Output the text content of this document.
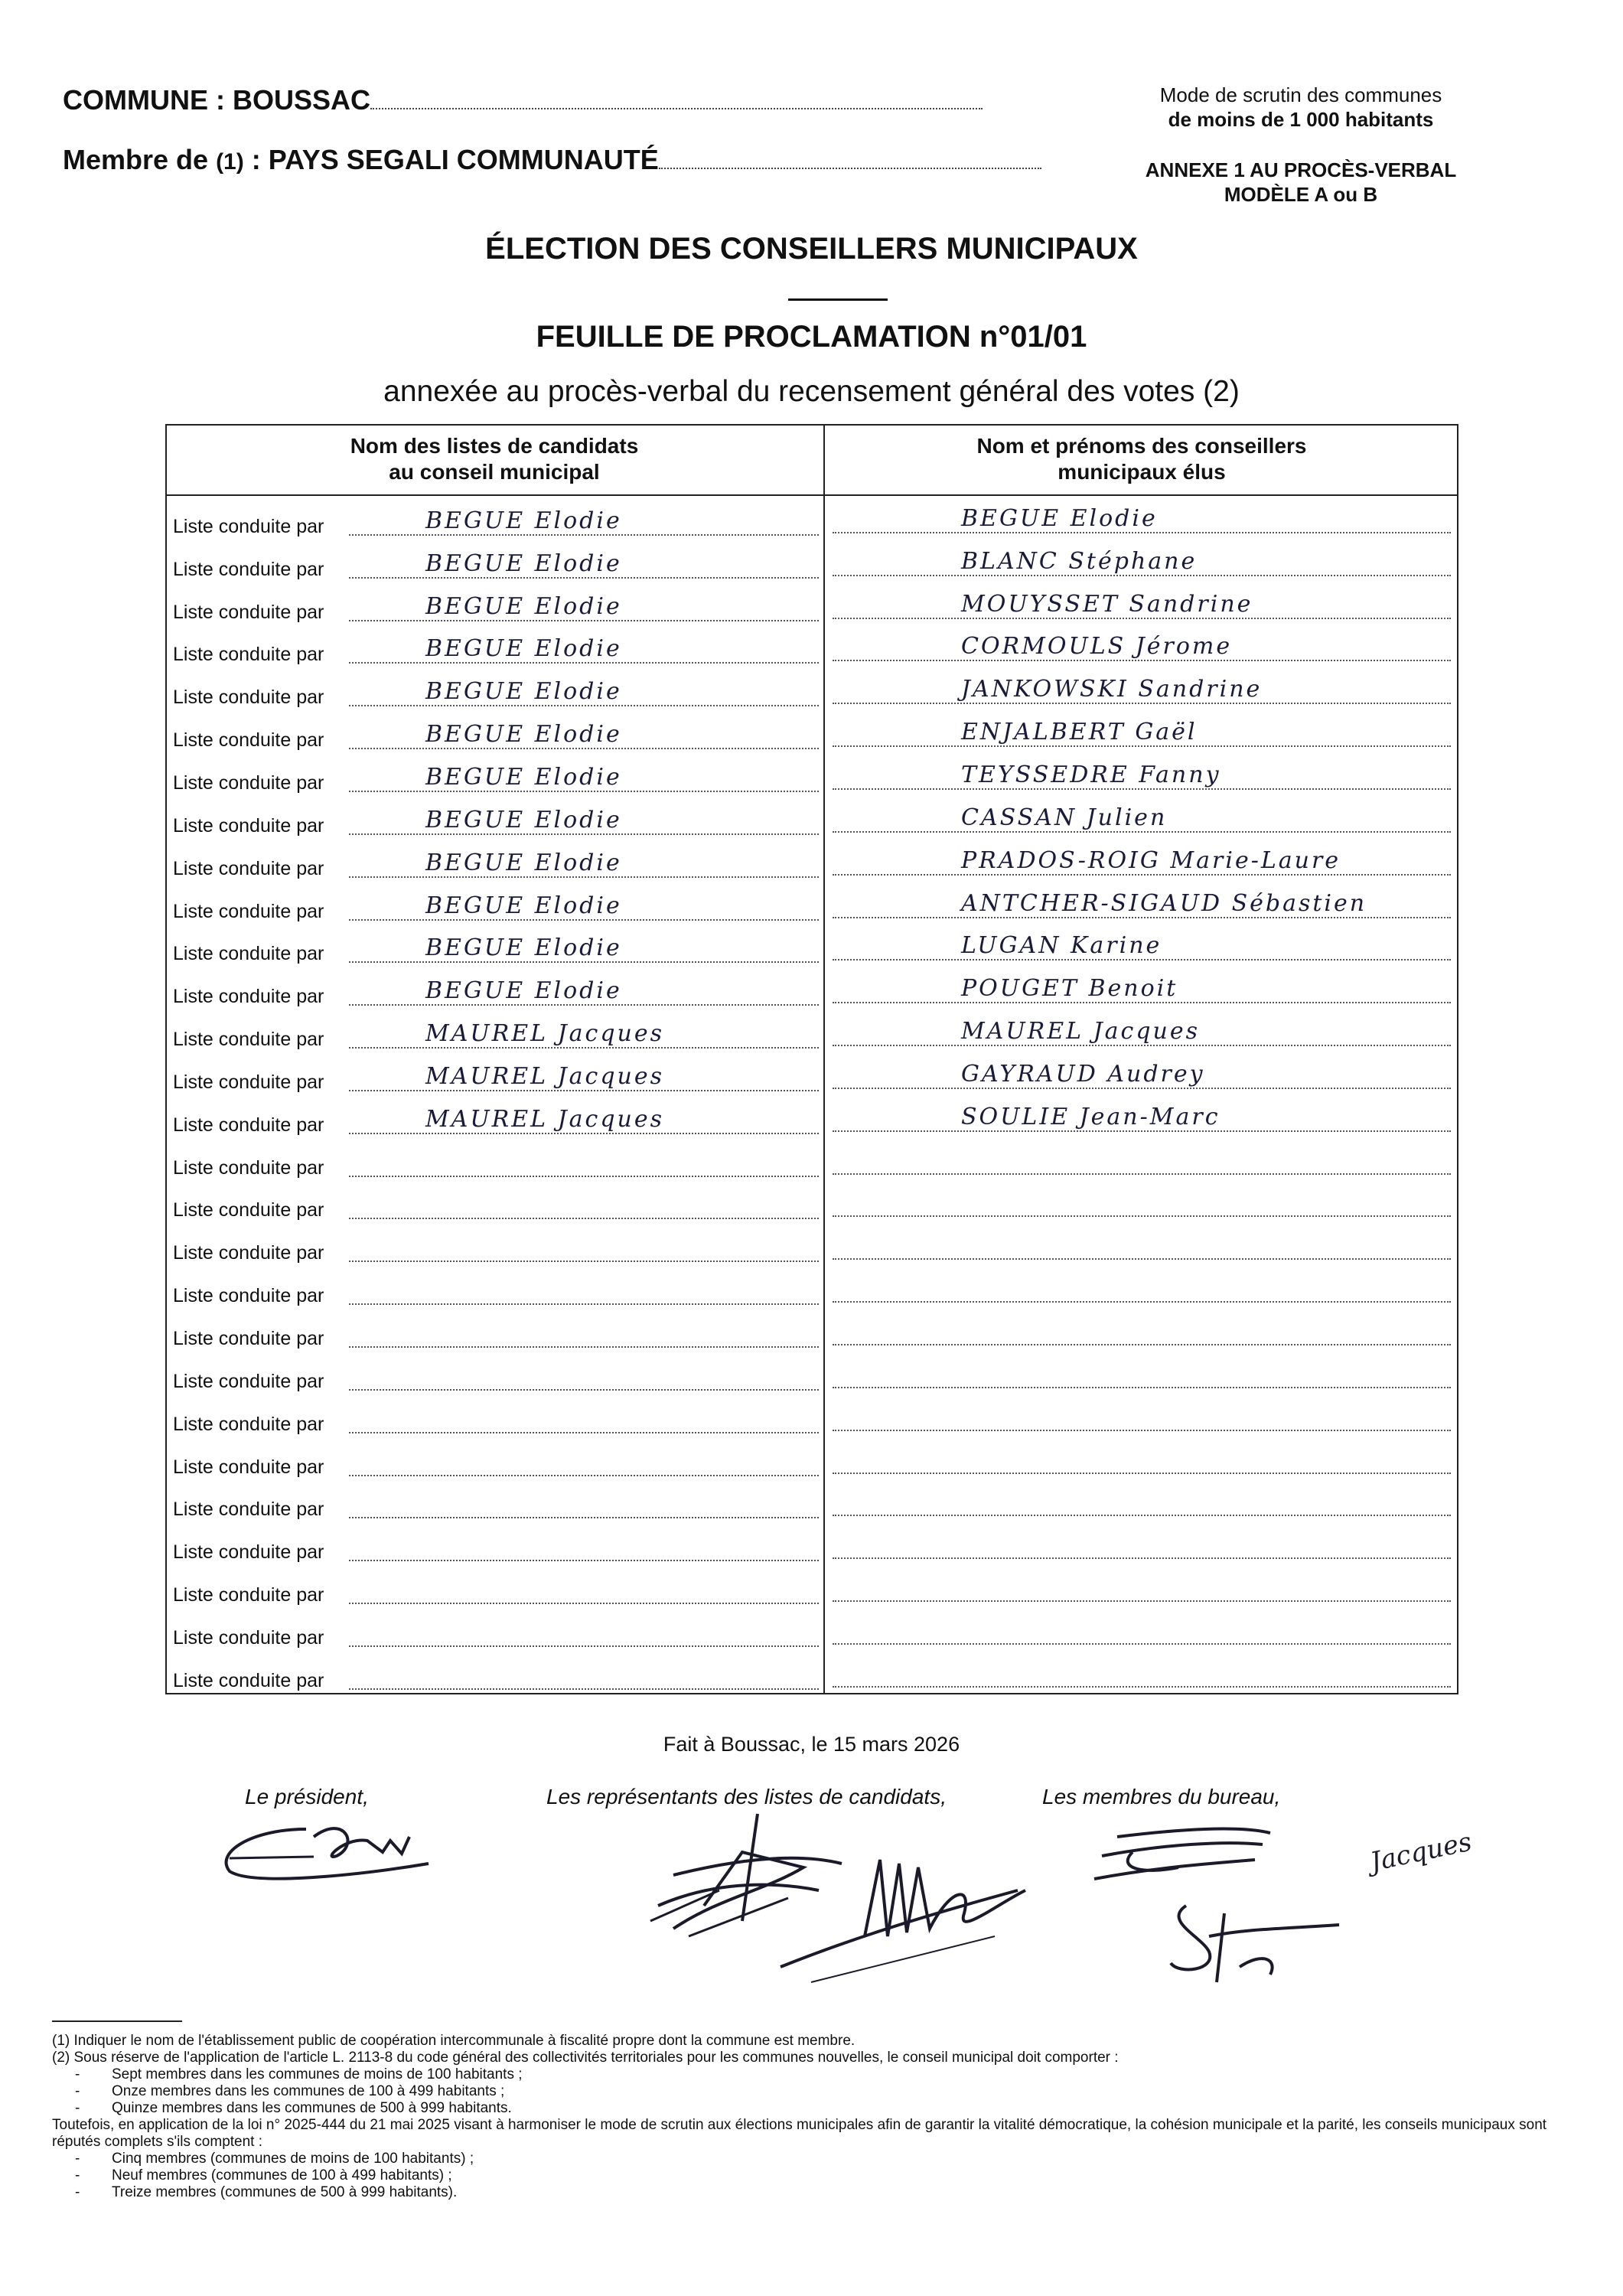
COMMUNE : BOUSSAC
Membre de (1) : PAYS SEGALI COMMUNAUTÉ
Mode de scrutin des communes
de moins de 1 000 habitants
ANNEXE 1 AU PROCÈS-VERBAL
MODÈLE A ou B
ÉLECTION DES CONSEILLERS MUNICIPAUX
FEUILLE DE PROCLAMATION n°01/01
annexée au procès-verbal du recensement général des votes (2)
Nom des listes de candidats
au conseil municipal
Nom et prénoms des conseillers
municipaux élus
Liste conduite par	BEGUE Elodie	BEGUE Elodie
Liste conduite par	BEGUE Elodie	BLANC Stéphane
Liste conduite par	BEGUE Elodie	MOUYSSET Sandrine
Liste conduite par	BEGUE Elodie	CORMOULS Jérome
Liste conduite par	BEGUE Elodie	JANKOWSKI Sandrine
Liste conduite par	BEGUE Elodie	ENJALBERT Gaël
Liste conduite par	BEGUE Elodie	TEYSSEDRE Fanny
Liste conduite par	BEGUE Elodie	CASSAN Julien
Liste conduite par	BEGUE Elodie	PRADOS-ROIG Marie-Laure
Liste conduite par	BEGUE Elodie	ANTCHER-SIGAUD Sébastien
Liste conduite par	BEGUE Elodie	LUGAN Karine
Liste conduite par	BEGUE Elodie	POUGET Benoit
Liste conduite par	MAUREL Jacques	MAUREL Jacques
Liste conduite par	MAUREL Jacques	GAYRAUD Audrey
Liste conduite par	MAUREL Jacques	SOULIE Jean-Marc
Liste conduite par
Liste conduite par
Liste conduite par
Liste conduite par
Liste conduite par
Liste conduite par
Liste conduite par
Liste conduite par
Liste conduite par
Liste conduite par
Liste conduite par
Liste conduite par
Liste conduite par
Fait à Boussac, le 15 mars 2026
Le président,	Les représentants des listes de candidats,	Les membres du bureau,
Jacques

(1) Indiquer le nom de l'établissement public de coopération intercommunale à fiscalité propre dont la commune est membre.

(2) Sous réserve de l'application de l'article L. 2113-8 du code général des collectivités territoriales pour les communes nouvelles, le conseil municipal doit comporter :

- Sept membres dans les communes de moins de 100 habitants ;

- Onze membres dans les communes de 100 à 499 habitants ;

- Quinze membres dans les communes de 500 à 999 habitants.

Toutefois, en application de la loi n° 2025-444 du 21 mai 2025 visant à harmoniser le mode de scrutin aux élections municipales afin de garantir la vitalité démocratique, la cohésion municipale et la parité, les conseils municipaux sont réputés complets s'ils comptent :

- Cinq membres (communes de moins de 100 habitants) ;

- Neuf membres (communes de 100 à 499 habitants) ;

- Treize membres (communes de 500 à 999 habitants).
